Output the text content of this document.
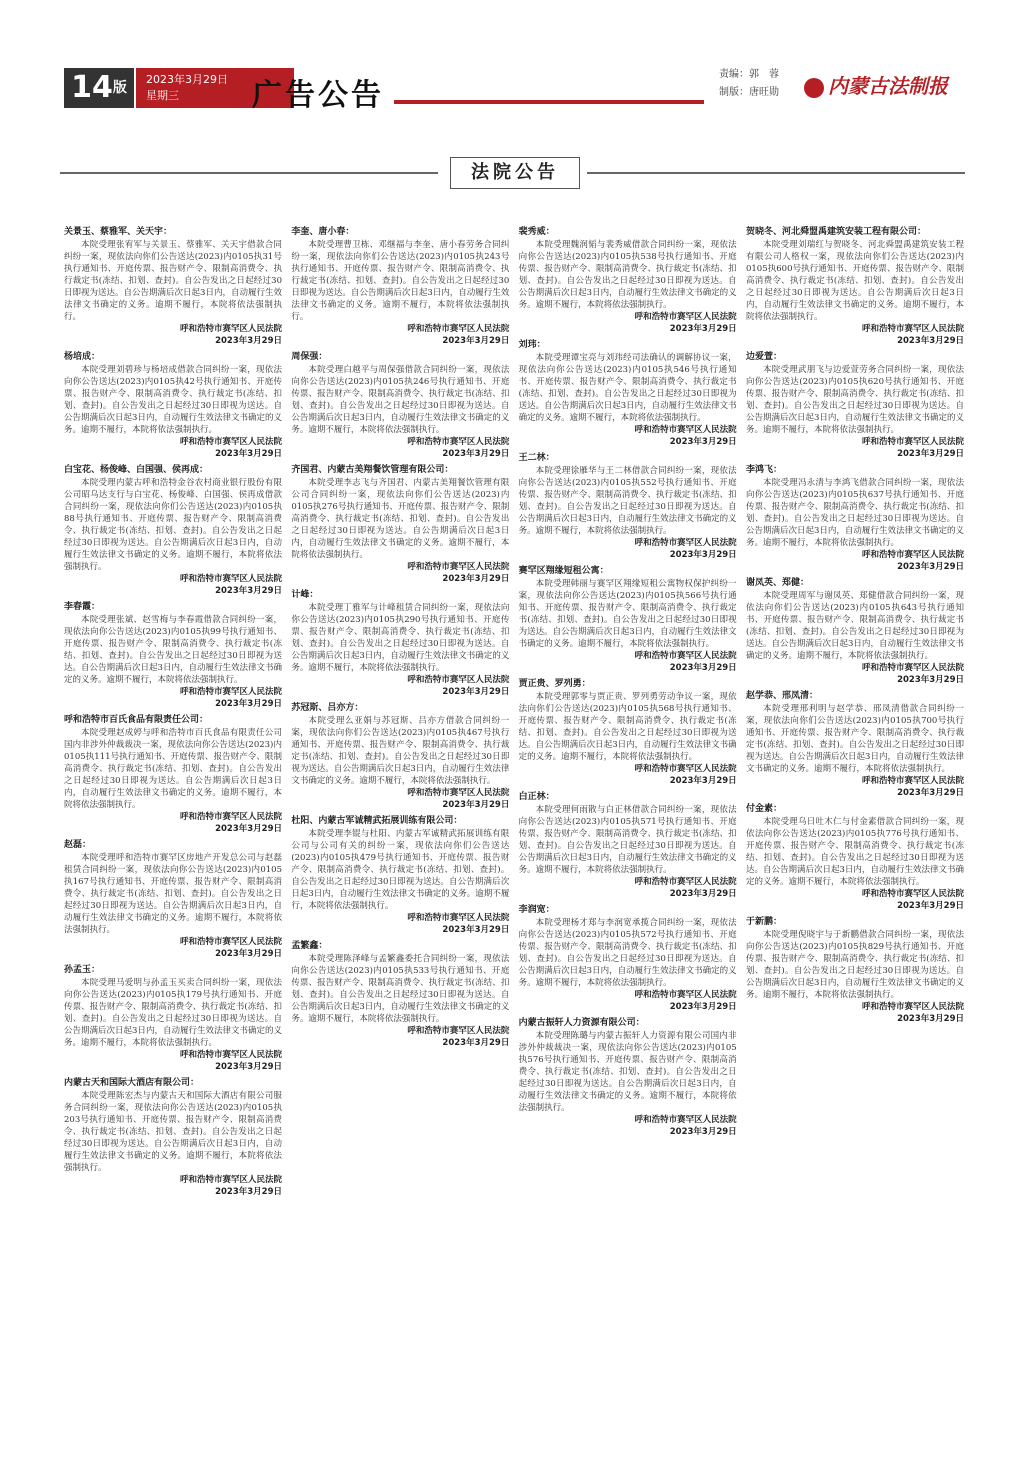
$14^版$
2023年3月29日
星期三	广告公告
责编：郭　蓉
制版：唐旺勋	内蒙古法制报
法院公告
关景玉、蔡雅军、关天宇：
本院受理张宥军与关景玉、蔡雅军、关天宇借款合同纠纷一案，现依法向你们公告送达(2023)内0105执31号执行通知书、开庭传票、报告财产令、限制高消费令、执行裁定书(冻结、扣划、查封)。自公告发出之日起经过30日即视为送达。自公告期满后次日起3日内，自动履行生效法律文书确定的义务。逾期不履行，本院将依法强制执行。
呼和浩特市赛罕区人民法院
2023年3月29日
杨培成：
本院受理刘碧珍与杨培成借款合同纠纷一案，现依法向你公告送达(2023)内0105执42号执行通知书、开庭传票、报告财产令、限制高消费令、执行裁定书(冻结、扣划、查封)。自公告发出之日起经过30日即视为送达。自公告期满后次日起3日内，自动履行生效法律文书确定的义务。逾期不履行，本院将依法强制执行。
呼和浩特市赛罕区人民法院
2023年3月29日
白宝花、杨俊峰、白国强、侯再成：
本院受理内蒙古呼和浩特金谷农村商业银行股份有限公司昭乌达支行与白宝花、杨俊峰、白国强、侯再成借款合同纠纷一案，现依法向你们公告送达(2023)内0105执88号执行通知书、开庭传票、报告财产令、限制高消费令、执行裁定书(冻结、扣划、查封)。自公告发出之日起经过30日即视为送达。自公告期满后次日起3日内，自动履行生效法律文书确定的义务。逾期不履行，本院将依法强制执行。
呼和浩特市赛罕区人民法院
2023年3月29日
李春霞：
本院受理张斌、赵雪梅与李春霞借款合同纠纷一案，现依法向你公告送达(2023)内0105执99号执行通知书、开庭传票、报告财产令、限制高消费令、执行裁定书(冻结、扣划、查封)。自公告发出之日起经过30日即视为送达。自公告期满后次日起3日内，自动履行生效法律文书确定的义务。逾期不履行，本院将依法强制执行。
呼和浩特市赛罕区人民法院
2023年3月29日
呼和浩特市百氏食品有限责任公司：
本院受理赵成婷与呼和浩特市百氏食品有限责任公司国内非涉外仲裁裁决一案，现依法向你公告送达(2023)内0105执111号执行通知书、开庭传票、报告财产令、限制高消费令、执行裁定书(冻结、扣划、查封)。自公告发出之日起经过30日即视为送达。自公告期满后次日起3日内，自动履行生效法律文书确定的义务。逾期不履行，本院将依法强制执行。
呼和浩特市赛罕区人民法院
2023年3月29日
赵磊：
本院受理呼和浩特市赛罕区房地产开发总公司与赵磊租赁合同纠纷一案，现依法向你公告送达(2023)内0105执167号执行通知书、开庭传票、报告财产令、限制高消费令、执行裁定书(冻结、扣划、查封)。自公告发出之日起经过30日即视为送达。自公告期满后次日起3日内，自动履行生效法律文书确定的义务。逾期不履行，本院将依法强制执行。
呼和浩特市赛罕区人民法院
2023年3月29日
孙孟玉：
本院受理马爱明与孙孟玉买卖合同纠纷一案，现依法向你公告送达(2023)内0105执179号执行通知书、开庭传票、报告财产令、限制高消费令、执行裁定书(冻结、扣划、查封)。自公告发出之日起经过30日即视为送达。自公告期满后次日起3日内，自动履行生效法律文书确定的义务。逾期不履行，本院将依法强制执行。
呼和浩特市赛罕区人民法院
2023年3月29日
内蒙古天和国际大酒店有限公司：
本院受理陈宏杰与内蒙古天和国际大酒店有限公司服务合同纠纷一案，现依法向你公告送达(2023)内0105执203号执行通知书、开庭传票、报告财产令、限制高消费令、执行裁定书(冻结、扣划、查封)。自公告发出之日起经过30日即视为送达。自公告期满后次日起3日内，自动履行生效法律文书确定的义务。逾期不履行，本院将依法强制执行。
呼和浩特市赛罕区人民法院
2023年3月29日
李奎、唐小春：
本院受理曹卫栋、邓继福与李奎、唐小春劳务合同纠纷一案，现依法向你们公告送达(2023)内0105执243号执行通知书、开庭传票、报告财产令、限制高消费令、执行裁定书(冻结、扣划、查封)。自公告发出之日起经过30日即视为送达。自公告期满后次日起3日内，自动履行生效法律文书确定的义务。逾期不履行，本院将依法强制执行。
呼和浩特市赛罕区人民法院
2023年3月29日
周保强：
本院受理白越平与周保强借款合同纠纷一案，现依法向你公告送达(2023)内0105执246号执行通知书、开庭传票、报告财产令、限制高消费令、执行裁定书(冻结、扣划、查封)。自公告发出之日起经过30日即视为送达。自公告期满后次日起3日内，自动履行生效法律文书确定的义务。逾期不履行，本院将依法强制执行。
呼和浩特市赛罕区人民法院
2023年3月29日
齐国君、内蒙古美翔餐饮管理有限公司：
本院受理李志飞与齐国君、内蒙古美翔餐饮管理有限公司合同纠纷一案，现依法向你们公告送达(2023)内0105执276号执行通知书、开庭传票、报告财产令、限制高消费令、执行裁定书(冻结、扣划、查封)。自公告发出之日起经过30日即视为送达。自公告期满后次日起3日内，自动履行生效法律文书确定的义务。逾期不履行，本院将依法强制执行。
呼和浩特市赛罕区人民法院
2023年3月29日
计峰：
本院受理丁雅军与计峰租赁合同纠纷一案，现依法向你公告送达(2023)内0105执290号执行通知书、开庭传票、报告财产令、限制高消费令、执行裁定书(冻结、扣划、查封)。自公告发出之日起经过30日即视为送达。自公告期满后次日起3日内，自动履行生效法律文书确定的义务。逾期不履行，本院将依法强制执行。
呼和浩特市赛罕区人民法院
2023年3月29日
苏冠斯、吕亦方：
本院受理么亚娟与苏冠斯、吕亦方借款合同纠纷一案，现依法向你们公告送达(2023)内0105执467号执行通知书、开庭传票、报告财产令、限制高消费令、执行裁定书(冻结、扣划、查封)。自公告发出之日起经过30日即视为送达。自公告期满后次日起3日内，自动履行生效法律文书确定的义务。逾期不履行，本院将依法强制执行。
呼和浩特市赛罕区人民法院
2023年3月29日
杜阳、内蒙古军诚精武拓展训练有限公司：
本院受理李锟与杜阳、内蒙古军诚精武拓展训练有限公司与公司有关的纠纷一案，现依法向你们公告送达(2023)内0105执479号执行通知书、开庭传票、报告财产令、限制高消费令、执行裁定书(冻结、扣划、查封)。自公告发出之日起经过30日即视为送达。自公告期满后次日起3日内，自动履行生效法律文书确定的义务。逾期不履行，本院将依法强制执行。
呼和浩特市赛罕区人民法院
2023年3月29日
孟繁鑫：
本院受理陈泽峰与孟繁鑫委托合同纠纷一案，现依法向你公告送达(2023)内0105执533号执行通知书、开庭传票、报告财产令、限制高消费令、执行裁定书(冻结、扣划、查封)。自公告发出之日起经过30日即视为送达。自公告期满后次日起3日内，自动履行生效法律文书确定的义务。逾期不履行，本院将依法强制执行。
呼和浩特市赛罕区人民法院
2023年3月29日
裴秀威：
本院受理魏润韬与裴秀威借款合同纠纷一案，现依法向你公告送达(2023)内0105执538号执行通知书、开庭传票、报告财产令、限制高消费令、执行裁定书(冻结、扣划、查封)。自公告发出之日起经过30日即视为送达。自公告期满后次日起3日内，自动履行生效法律文书确定的义务。逾期不履行，本院将依法强制执行。
呼和浩特市赛罕区人民法院
2023年3月29日
刘玮：
本院受理谭宝亮与刘玮经司法确认的调解协议一案，现依法向你公告送达(2023)内0105执546号执行通知书、开庭传票、报告财产令、限制高消费令、执行裁定书(冻结、扣划、查封)。自公告发出之日起经过30日即视为送达。自公告期满后次日起3日内，自动履行生效法律文书确定的义务。逾期不履行，本院将依法强制执行。
呼和浩特市赛罕区人民法院
2023年3月29日
王二林：
本院受理徐雁华与王二林借款合同纠纷一案，现依法向你公告送达(2023)内0105执552号执行通知书、开庭传票、报告财产令、限制高消费令、执行裁定书(冻结、扣划、查封)。自公告发出之日起经过30日即视为送达。自公告期满后次日起3日内，自动履行生效法律文书确定的义务。逾期不履行，本院将依法强制执行。
呼和浩特市赛罕区人民法院
2023年3月29日
赛罕区翔缘短租公寓：
本院受理韩丽与赛罕区翔缘短租公寓物权保护纠纷一案，现依法向你公告送达(2023)内0105执566号执行通知书、开庭传票、报告财产令、限制高消费令、执行裁定书(冻结、扣划、查封)。自公告发出之日起经过30日即视为送达。自公告期满后次日起3日内，自动履行生效法律文书确定的义务。逾期不履行，本院将依法强制执行。
呼和浩特市赛罕区人民法院
2023年3月29日
贾正贵、罗列勇：
本院受理郭零与贾正贵、罗列勇劳动争议一案，现依法向你们公告送达(2023)内0105执568号执行通知书、开庭传票、报告财产令、限制高消费令、执行裁定书(冻结、扣划、查封)。自公告发出之日起经过30日即视为送达。自公告期满后次日起3日内，自动履行生效法律文书确定的义务。逾期不履行，本院将依法强制执行。
呼和浩特市赛罕区人民法院
2023年3月29日
白正林：
本院受理何雨散与白正林借款合同纠纷一案，现依法向你公告送达(2023)内0105执571号执行通知书、开庭传票、报告财产令、限制高消费令、执行裁定书(冻结、扣划、查封)。自公告发出之日起经过30日即视为送达。自公告期满后次日起3日内，自动履行生效法律文书确定的义务。逾期不履行，本院将依法强制执行。
呼和浩特市赛罕区人民法院
2023年3月29日
李润宽：
本院受理杨才郑与李润宽承揽合同纠纷一案，现依法向你公告送达(2023)内0105执572号执行通知书、开庭传票、报告财产令、限制高消费令、执行裁定书(冻结、扣划、查封)。自公告发出之日起经过30日即视为送达。自公告期满后次日起3日内，自动履行生效法律文书确定的义务。逾期不履行，本院将依法强制执行。
呼和浩特市赛罕区人民法院
2023年3月29日
内蒙古振轩人力资源有限公司：
本院受理陈璐与内蒙古振轩人力资源有限公司国内非涉外仲裁裁决一案，现依法向你公告送达(2023)内0105执576号执行通知书、开庭传票、报告财产令、限制高消费令、执行裁定书(冻结、扣划、查封)。自公告发出之日起经过30日即视为送达。自公告期满后次日起3日内，自动履行生效法律文书确定的义务。逾期不履行，本院将依法强制执行。
呼和浩特市赛罕区人民法院
2023年3月29日
贺晓冬、河北舜盟禹建筑安装工程有限公司：
本院受理刘瑞红与贺晓冬、河北舜盟禹建筑安装工程有限公司人格权一案，现依法向你们公告送达(2023)内0105执600号执行通知书、开庭传票、报告财产令、限制高消费令、执行裁定书(冻结、扣划、查封)。自公告发出之日起经过30日即视为送达。自公告期满后次日起3日内，自动履行生效法律文书确定的义务。逾期不履行，本院将依法强制执行。
呼和浩特市赛罕区人民法院
2023年3月29日
边爱萱：
本院受理武朋飞与边爱萱劳务合同纠纷一案，现依法向你公告送达(2023)内0105执620号执行通知书、开庭传票、报告财产令、限制高消费令、执行裁定书(冻结、扣划、查封)。自公告发出之日起经过30日即视为送达。自公告期满后次日起3日内，自动履行生效法律文书确定的义务。逾期不履行，本院将依法强制执行。
呼和浩特市赛罕区人民法院
2023年3月29日
李鸿飞：
本院受理冯永清与李鸿飞借款合同纠纷一案，现依法向你公告送达(2023)内0105执637号执行通知书、开庭传票、报告财产令、限制高消费令、执行裁定书(冻结、扣划、查封)。自公告发出之日起经过30日即视为送达。自公告期满后次日起3日内，自动履行生效法律文书确定的义务。逾期不履行，本院将依法强制执行。
呼和浩特市赛罕区人民法院
2023年3月29日
谢凤英、郑健：
本院受理周军与谢凤英、郑健借款合同纠纷一案，现依法向你们公告送达(2023)内0105执643号执行通知书、开庭传票、报告财产令、限制高消费令、执行裁定书(冻结、扣划、查封)。自公告发出之日起经过30日即视为送达。自公告期满后次日起3日内，自动履行生效法律文书确定的义务。逾期不履行，本院将依法强制执行。
呼和浩特市赛罕区人民法院
2023年3月29日
赵学恭、邢凤清：
本院受理邢利明与赵学恭、邢凤清借款合同纠纷一案，现依法向你们公告送达(2023)内0105执700号执行通知书、开庭传票、报告财产令、限制高消费令、执行裁定书(冻结、扣划、查封)。自公告发出之日起经过30日即视为送达。自公告期满后次日起3日内，自动履行生效法律文书确定的义务。逾期不履行，本院将依法强制执行。
呼和浩特市赛罕区人民法院
2023年3月29日
付金素：
本院受理乌日吐木仁与付金素借款合同纠纷一案，现依法向你公告送达(2023)内0105执776号执行通知书、开庭传票、报告财产令、限制高消费令、执行裁定书(冻结、扣划、查封)。自公告发出之日起经过30日即视为送达。自公告期满后次日起3日内，自动履行生效法律文书确定的义务。逾期不履行，本院将依法强制执行。
呼和浩特市赛罕区人民法院
2023年3月29日
于新鹏：
本院受理倪晓宇与于新鹏借款合同纠纷一案，现依法向你公告送达(2023)内0105执829号执行通知书、开庭传票、报告财产令、限制高消费令、执行裁定书(冻结、扣划、查封)。自公告发出之日起经过30日即视为送达。自公告期满后次日起3日内，自动履行生效法律文书确定的义务。逾期不履行，本院将依法强制执行。
呼和浩特市赛罕区人民法院
2023年3月29日
